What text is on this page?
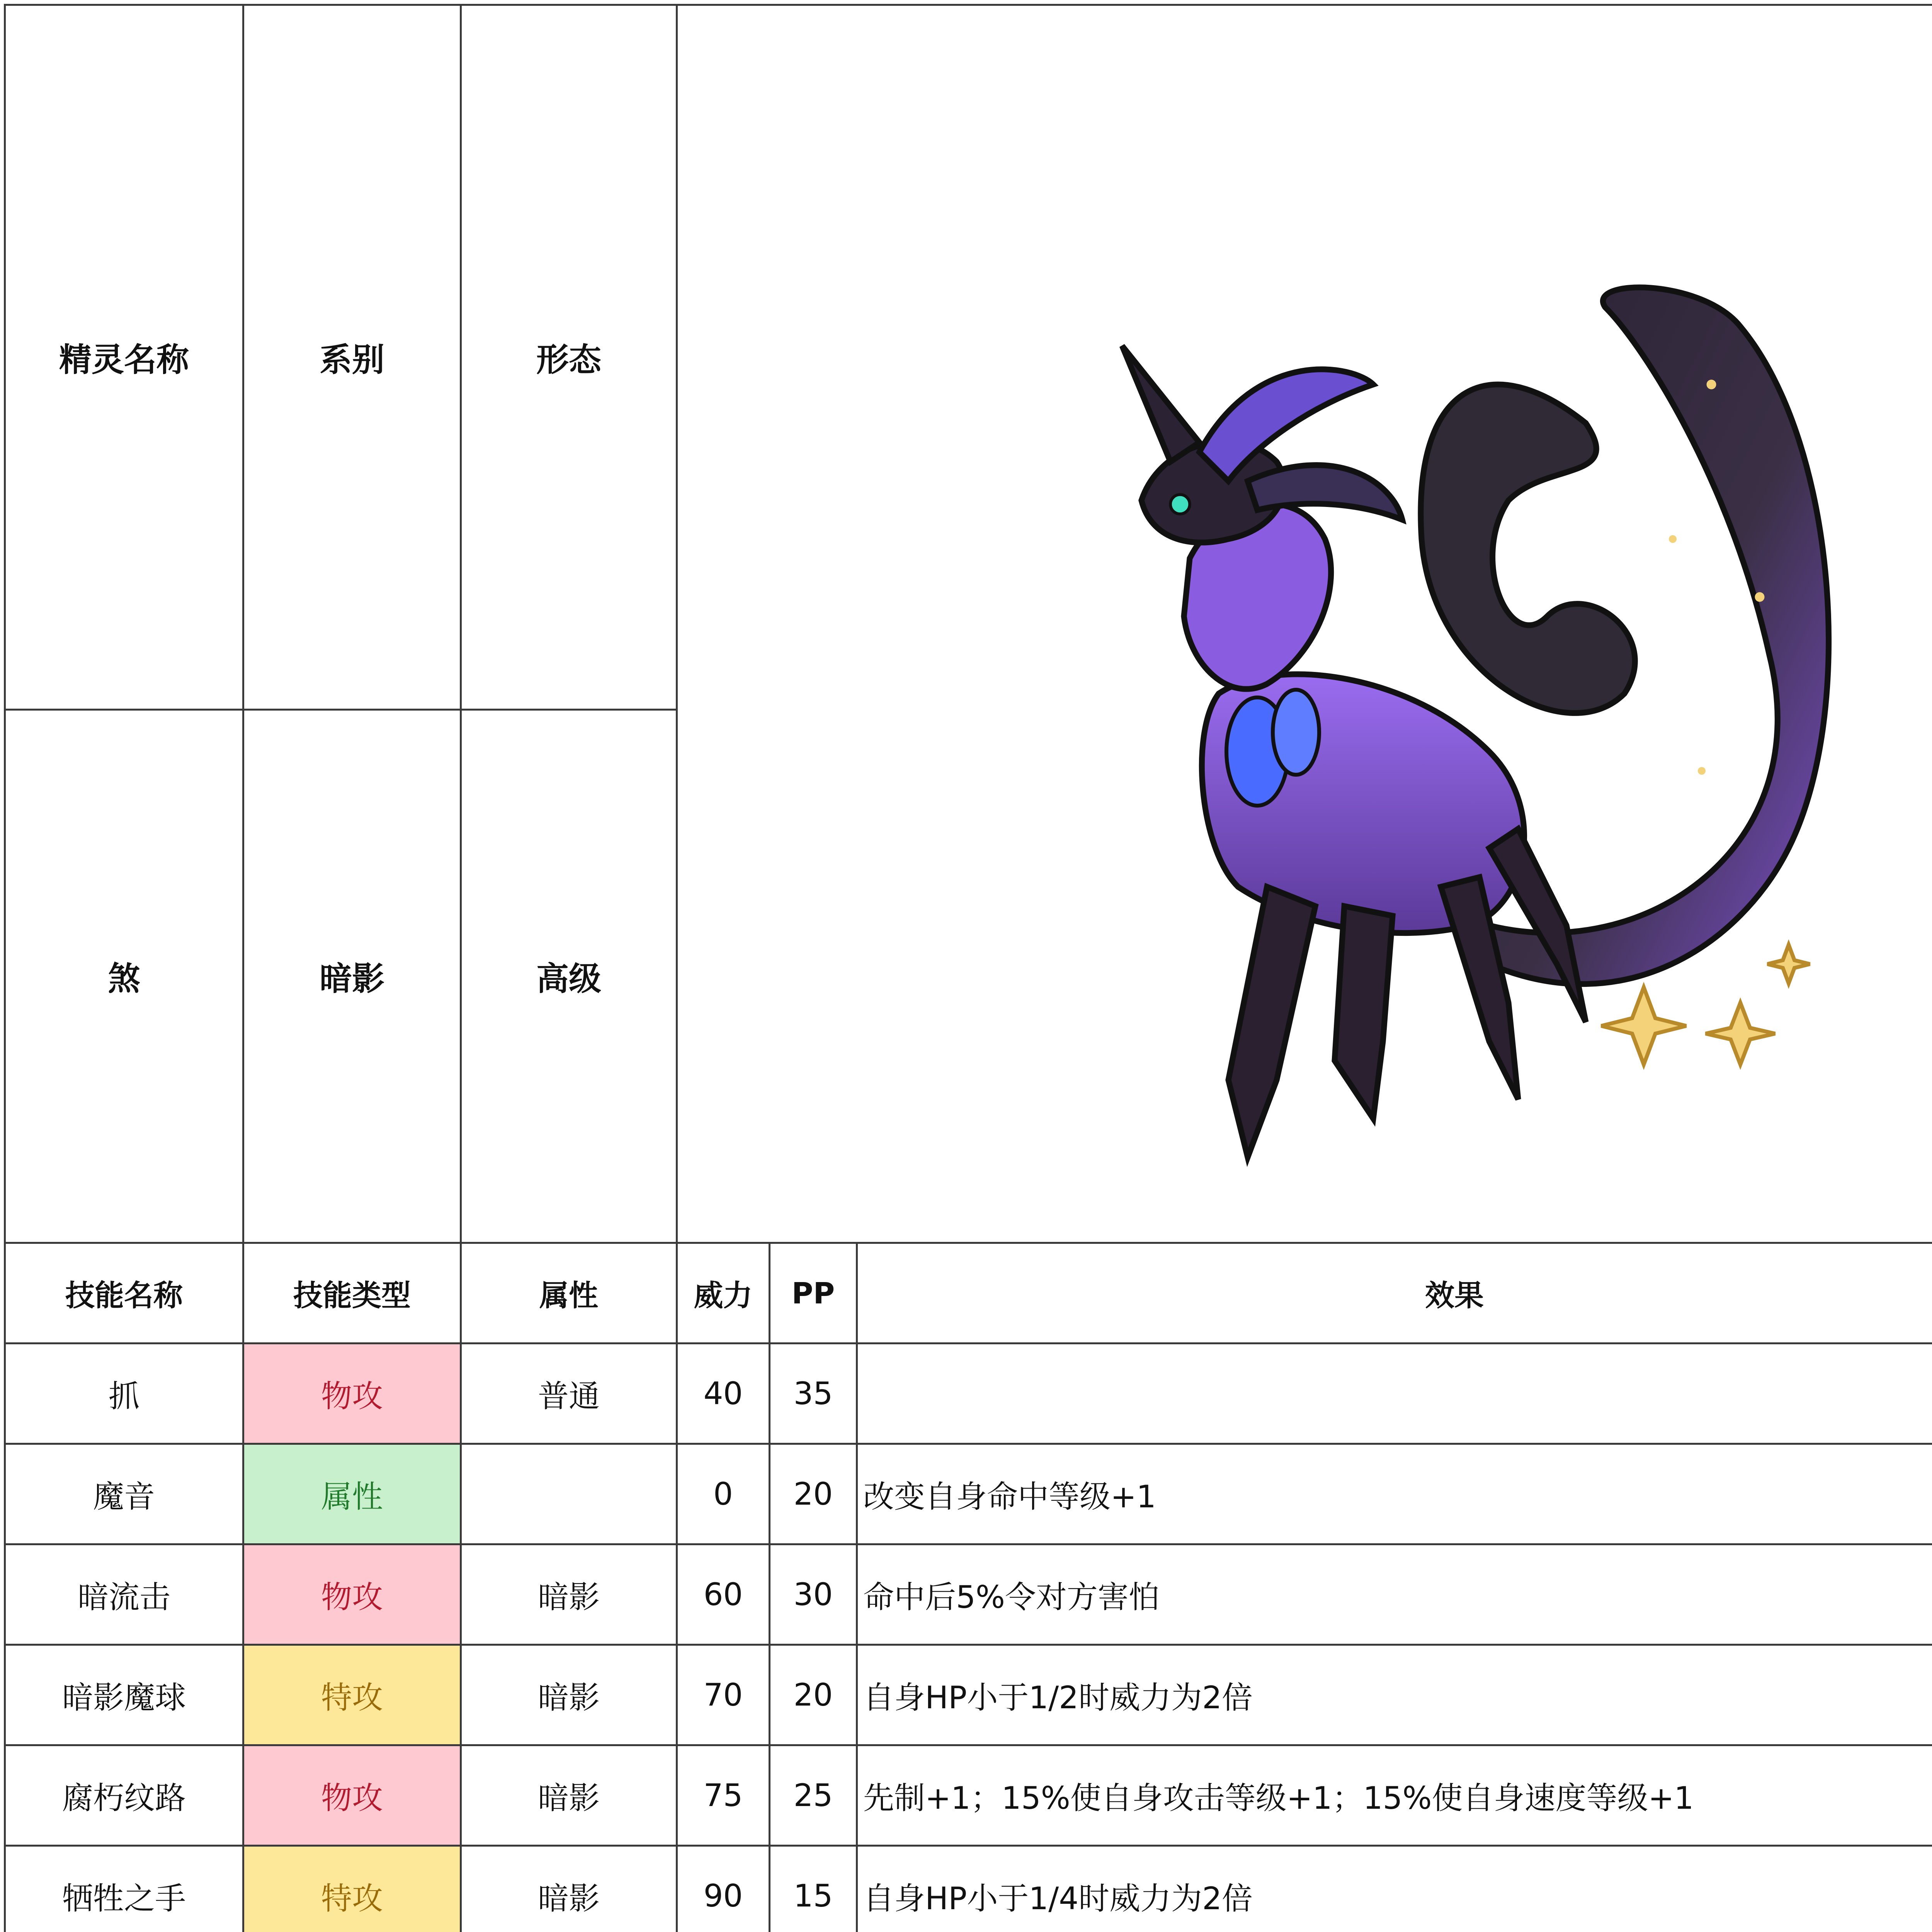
精灵名称	系别	形态	

煞	暗影	高级			
技能名称	技能类型	属性	威力	PP	效果
抓	物攻	普通	40	35	
魔音	属性		0	20	改变自身命中等级+1
暗流击	物攻	暗影	60	30	命中后5%令对方害怕
暗影魔球	特攻	暗影	70	20	自身HP小于1/2时威力为2倍
腐朽纹路	物攻	暗影	75	25	先制+1；15%使自身攻击等级+1；15%使自身速度等级+1
牺牲之手	特攻	暗影	90	15	自身HP小于1/4时威力为2倍
